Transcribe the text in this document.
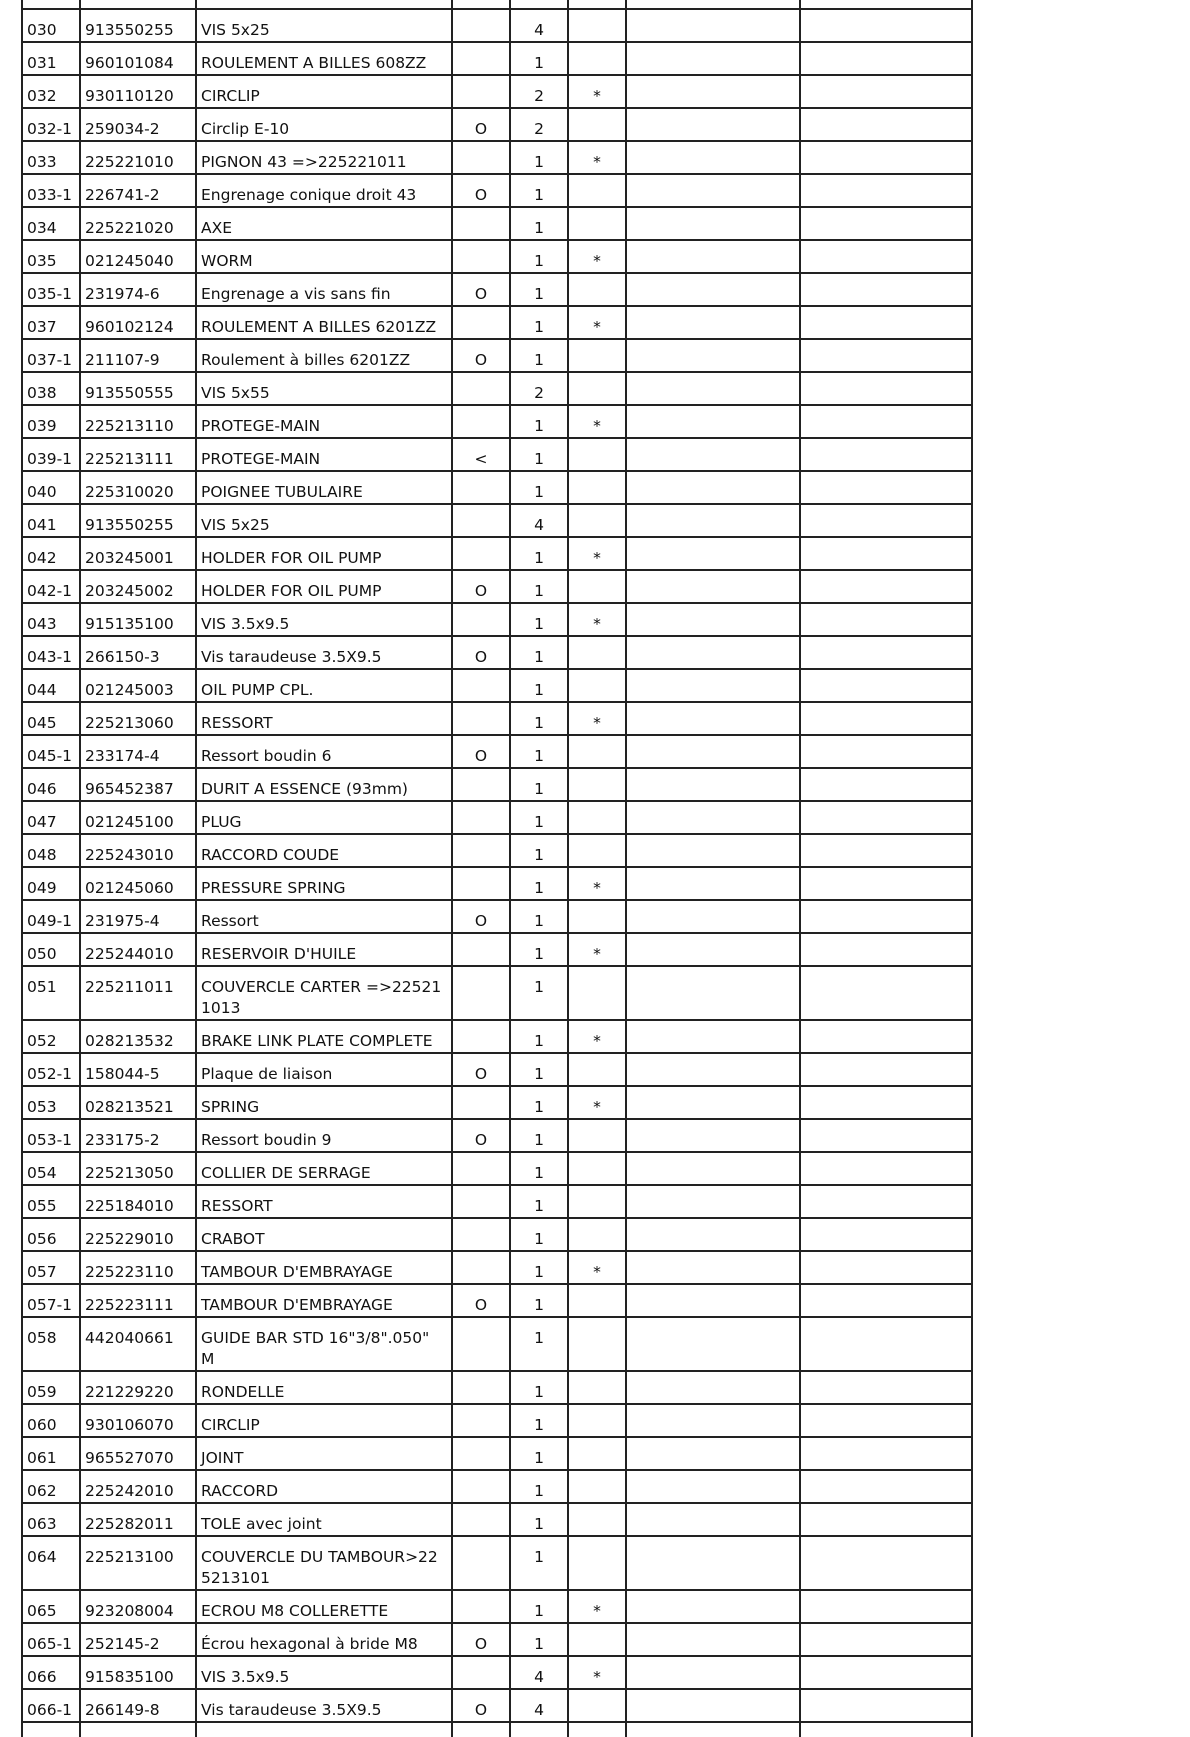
030	913550255	VIS 5x25		4			
031	960101084	ROULEMENT A BILLES 608ZZ		1			
032	930110120	CIRCLIP		2	*		
032-1	259034-2	Circlip E-10	O	2			
033	225221010	PIGNON 43 =>225221011		1	*		
033-1	226741-2	Engrenage conique droit 43	O	1			
034	225221020	AXE		1			
035	021245040	WORM		1	*		
035-1	231974-6	Engrenage a vis sans fin	O	1			
037	960102124	ROULEMENT A BILLES 6201ZZ		1	*		
037-1	211107-9	Roulement à billes 6201ZZ	O	1			
038	913550555	VIS 5x55		2			
039	225213110	PROTEGE-MAIN		1	*		
039-1	225213111	PROTEGE-MAIN	<	1			
040	225310020	POIGNEE TUBULAIRE		1			
041	913550255	VIS 5x25		4			
042	203245001	HOLDER FOR OIL PUMP		1	*		
042-1	203245002	HOLDER FOR OIL PUMP	O	1			
043	915135100	VIS 3.5x9.5		1	*		
043-1	266150-3	Vis taraudeuse 3.5X9.5	O	1			
044	021245003	OIL PUMP CPL.		1			
045	225213060	RESSORT		1	*		
045-1	233174-4	Ressort boudin 6	O	1			
046	965452387	DURIT A ESSENCE (93mm)		1			
047	021245100	PLUG		1			
048	225243010	RACCORD COUDE		1			
049	021245060	PRESSURE SPRING		1	*		
049-1	231975-4	Ressort	O	1			
050	225244010	RESERVOIR D'HUILE		1	*		
051	225211011	COUVERCLE CARTER =>225211013		1			
052	028213532	BRAKE LINK PLATE COMPLETE		1	*		
052-1	158044-5	Plaque de liaison	O	1			
053	028213521	SPRING		1	*		
053-1	233175-2	Ressort boudin 9	O	1			
054	225213050	COLLIER DE SERRAGE		1			
055	225184010	RESSORT		1			
056	225229010	CRABOT		1			
057	225223110	TAMBOUR D'EMBRAYAGE		1	*		
057-1	225223111	TAMBOUR D'EMBRAYAGE	O	1			
058	442040661	GUIDE BAR STD 16"3/8".050" M		1			
059	221229220	RONDELLE		1			
060	930106070	CIRCLIP		1			
061	965527070	JOINT		1			
062	225242010	RACCORD		1			
063	225282011	TOLE avec joint		1			
064	225213100	COUVERCLE DU TAMBOUR>225213101		1			
065	923208004	ECROU M8 COLLERETTE		1	*		
065-1	252145-2	Écrou hexagonal à bride M8	O	1			
066	915835100	VIS 3.5x9.5		4	*		
066-1	266149-8	Vis taraudeuse 3.5X9.5	O	4			
